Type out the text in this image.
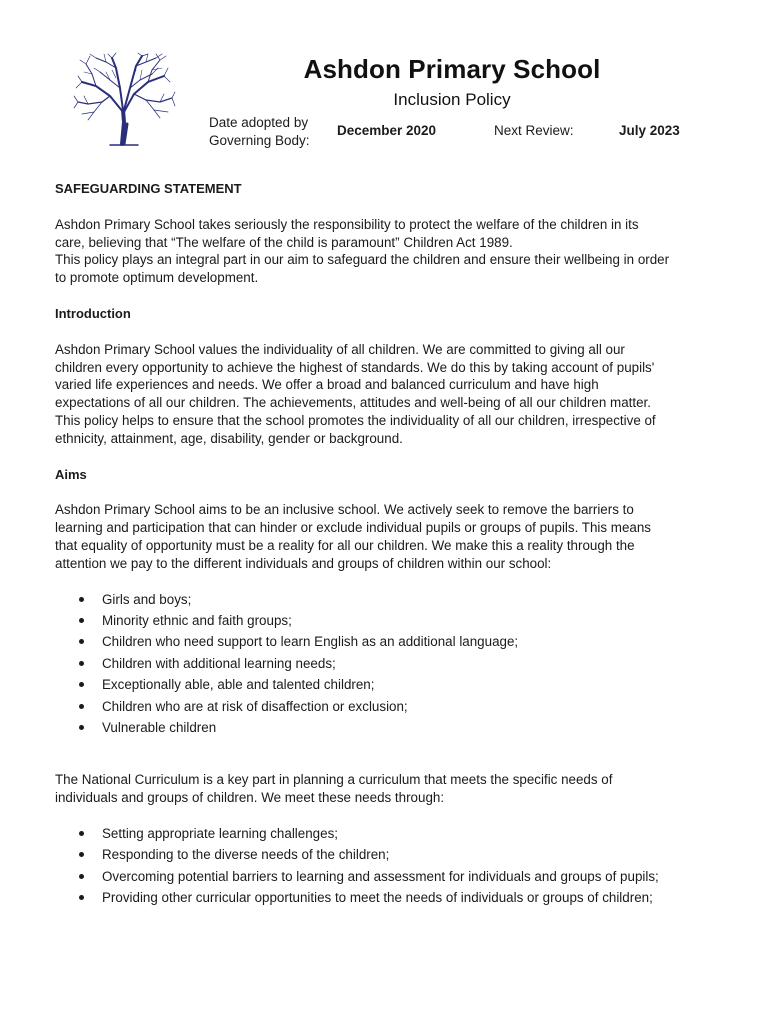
Ashdon Primary School
Inclusion Policy
Date adopted by
Governing Body:
December 2020	Next Review:	July 2023

SAFEGUARDING STATEMENT

Ashdon Primary School takes seriously the responsibility to protect the welfare of the children in its

care, believing that “The welfare of the child is paramount” Children Act 1989.

This policy plays an integral part in our aim to safeguard the children and ensure their wellbeing in order

to promote optimum development.

Introduction

Ashdon Primary School values the individuality of all children. We are committed to giving all our

children every opportunity to achieve the highest of standards. We do this by taking account of pupils'

varied life experiences and needs. We offer a broad and balanced curriculum and have high

expectations of all our children. The achievements, attitudes and well-being of all our children matter.

This policy helps to ensure that the school promotes the individuality of all our children, irrespective of

ethnicity, attainment, age, disability, gender or background.

Aims

Ashdon Primary School aims to be an inclusive school. We actively seek to remove the barriers to

learning and participation that can hinder or exclude individual pupils or groups of pupils. This means

that equality of opportunity must be a reality for all our children. We make this a reality through the

attention we pay to the different individuals and groups of children within our school:

Girls and boys;
Minority ethnic and faith groups;
Children who need support to learn English as an additional language;
Children with additional learning needs;
Exceptionally able, able and talented children;
Children who are at risk of disaffection or exclusion;
Vulnerable children

The National Curriculum is a key part in planning a curriculum that meets the specific needs of

individuals and groups of children. We meet these needs through:

Setting appropriate learning challenges;
Responding to the diverse needs of the children;
Overcoming potential barriers to learning and assessment for individuals and groups of pupils;
Providing other curricular opportunities to meet the needs of individuals or groups of children;
